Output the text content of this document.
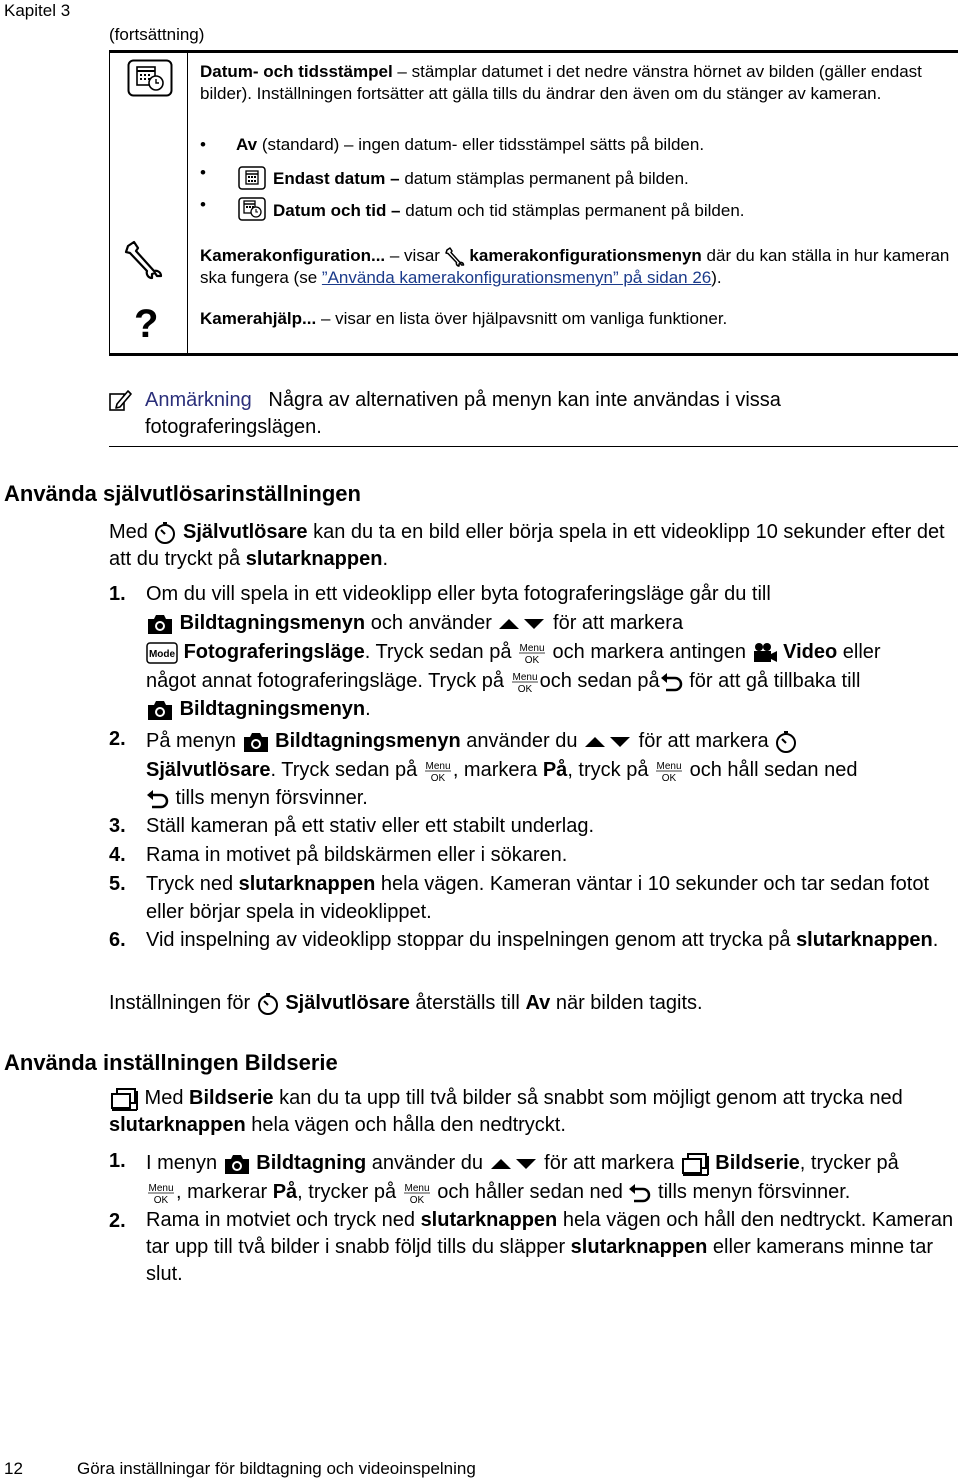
Kapitel 3
(fortsättning)
Datum- och tidsstämpel – stämplar datumet i det nedre vänstra hörnet av bilden (gäller endast bilder). Inställningen fortsätter att gälla tills du ändrar den även om du stänger av kameran.
• Av (standard) – ingen datum- eller tidsstämpel sätts på bilden.
•	Endast datum – datum stämplas permanent på bilden.
•	Datum och tid – datum och tid stämplas permanent på bilden.
Kamerakonfiguration... – visar
kamerakonfigurationsmenyn där du kan ställa in hur kameran ska fungera (se ”Använda kamerakonfigurationsmenyn” på sidan 26).
? Kamerahjälp... – visar en lista över hjälpavsnitt om vanliga funktioner.
Anmärkning Några av alternativen på menyn kan inte användas i vissa fotograferingslägen.
Använda självutlösarinställningen
Med
Självutlösare kan du ta en bild eller börja spela in ett videoklipp 10 sekunder efter det att du tryckt på slutarknappen.
1. Om du vill spela in ett videoklipp eller byta fotograferingsläge går du till
Bildtagningsmenyn och använder	för att markera
Mode Fotograferingsläge. Tryck sedan på Menu
OK och markera antingen
Video eller
något annat fotograferingsläge. Tryck på Menu
OK och sedan på
för att gå tillbaka till
Bildtagningsmenyn.
2. På menyn
Bildtagningsmenyn använder du	för att markera
Självutlösare. Tryck sedan på Menu
OK , markera På, tryck på Menu
OK och håll sedan ned
tills menyn försvinner.
3. Ställ kameran på ett stativ eller ett stabilt underlag.
4. Rama in motivet på bildskärmen eller i sökaren.
5. Tryck ned slutarknappen hela vägen. Kameran väntar i 10 sekunder och tar sedan fotot eller börjar spela in videoklippet.
6. Vid inspelning av videoklipp stoppar du inspelningen genom att trycka på slutarknappen.
Inställningen för
Självutlösare återställs till Av när bilden tagits.
Använda inställningen Bildserie
Med Bildserie kan du ta upp till två bilder så snabbt som möjligt genom att trycka ned slutarknappen hela vägen och hålla den nedtryckt.
1. I menyn
Bildtagning använder du	för att markera
Bildserie, trycker på
Menu
OK , markerar På, trycker på Menu
OK och håller sedan ned
tills menyn försvinner.
2. Rama in motviet och tryck ned slutarknappen hela vägen och håll den nedtryckt. Kameran tar upp till två bilder i snabb följd tills du släpper slutarknappen eller kamerans minne tar slut.
12	Göra inställningar för bildtagning och videoinspelning
